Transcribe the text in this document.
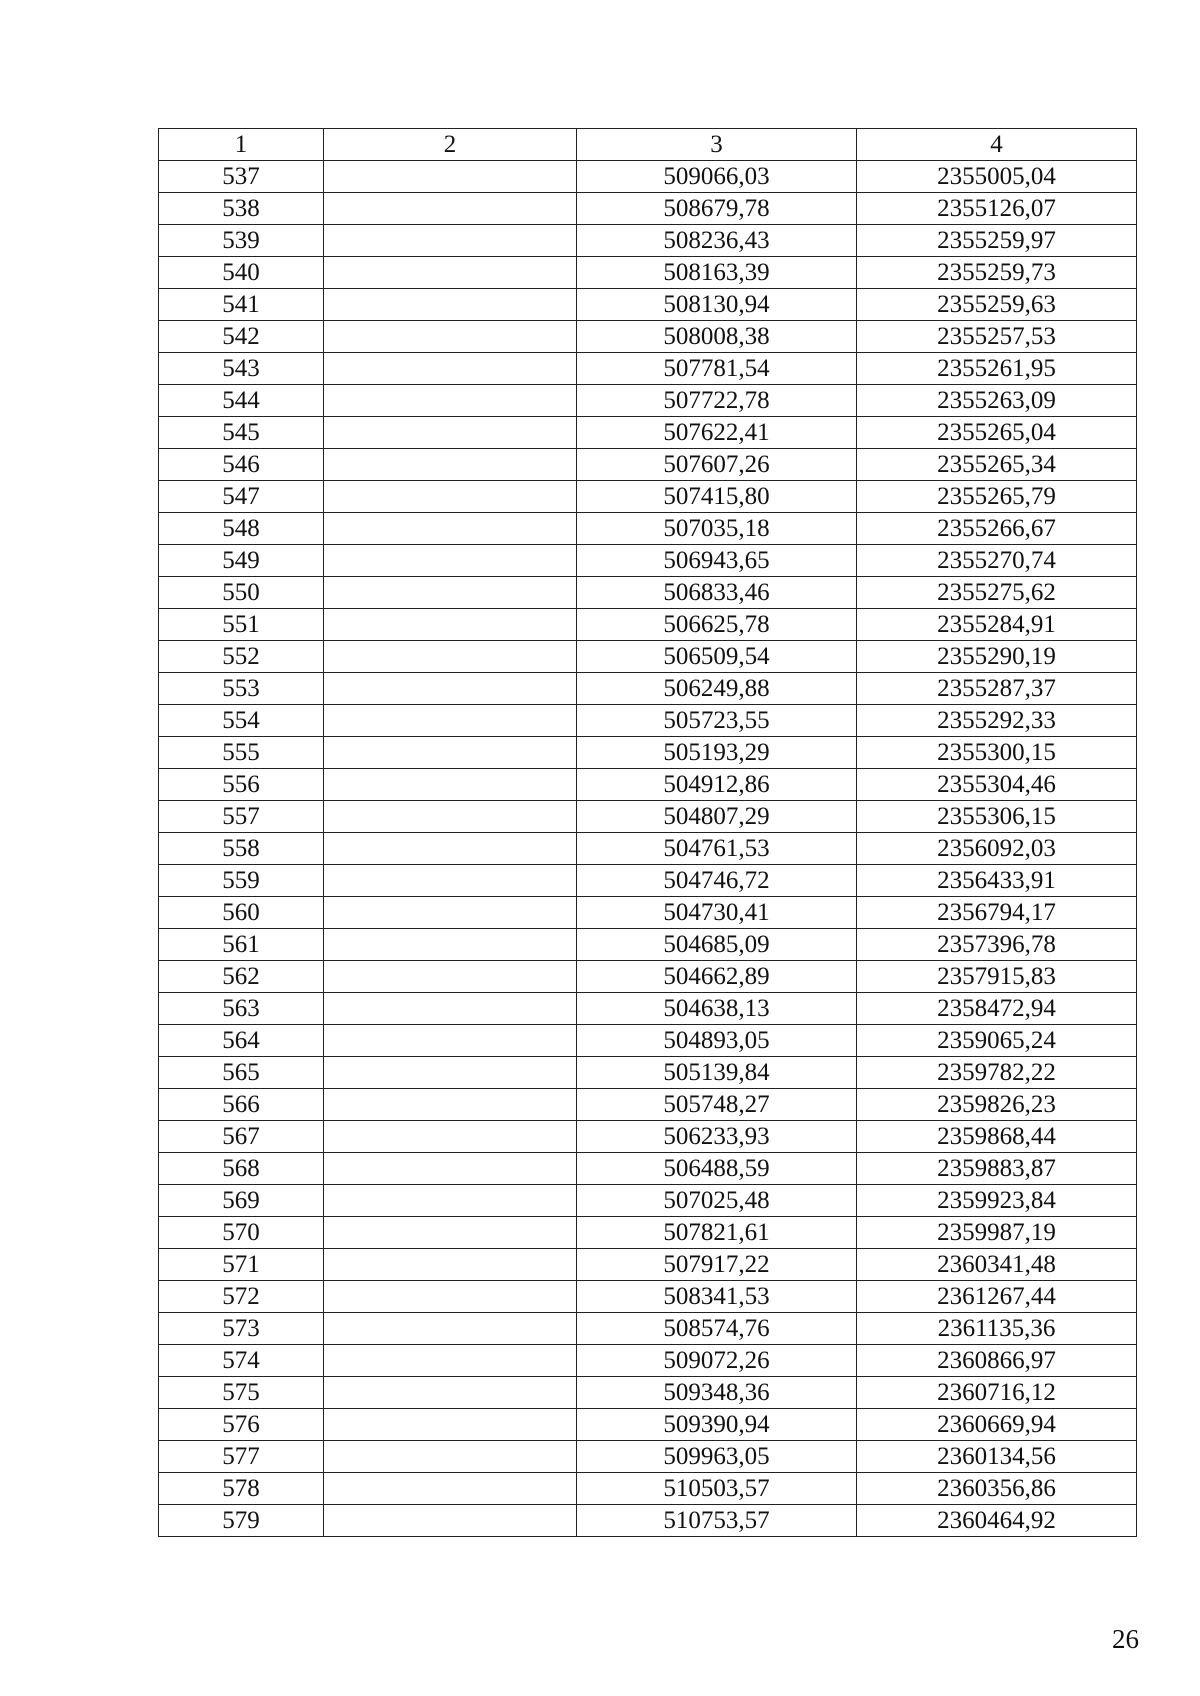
1	2	3	4
537		509066,03	2355005,04
538		508679,78	2355126,07
539		508236,43	2355259,97
540		508163,39	2355259,73
541		508130,94	2355259,63
542		508008,38	2355257,53
543		507781,54	2355261,95
544		507722,78	2355263,09
545		507622,41	2355265,04
546		507607,26	2355265,34
547		507415,80	2355265,79
548		507035,18	2355266,67
549		506943,65	2355270,74
550		506833,46	2355275,62
551		506625,78	2355284,91
552		506509,54	2355290,19
553		506249,88	2355287,37
554		505723,55	2355292,33
555		505193,29	2355300,15
556		504912,86	2355304,46
557		504807,29	2355306,15
558		504761,53	2356092,03
559		504746,72	2356433,91
560		504730,41	2356794,17
561		504685,09	2357396,78
562		504662,89	2357915,83
563		504638,13	2358472,94
564		504893,05	2359065,24
565		505139,84	2359782,22
566		505748,27	2359826,23
567		506233,93	2359868,44
568		506488,59	2359883,87
569		507025,48	2359923,84
570		507821,61	2359987,19
571		507917,22	2360341,48
572		508341,53	2361267,44
573		508574,76	2361135,36
574		509072,26	2360866,97
575		509348,36	2360716,12
576		509390,94	2360669,94
577		509963,05	2360134,56
578		510503,57	2360356,86
579		510753,57	2360464,92
26
